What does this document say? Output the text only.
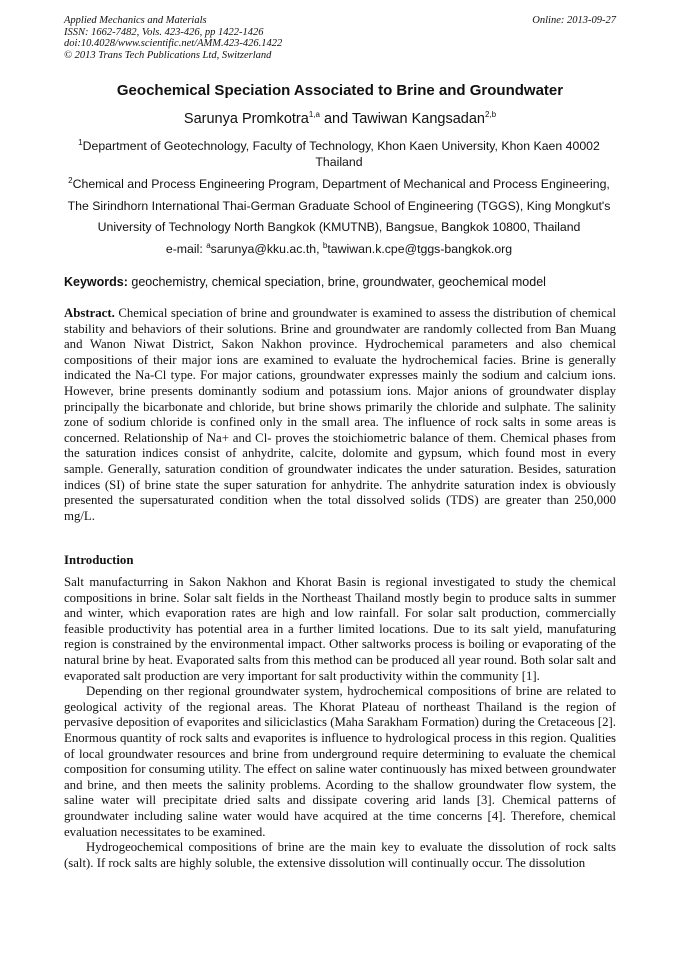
Applied Mechanics and Materials
ISSN: 1662-7482, Vols. 423-426, pp 1422-1426
doi:10.4028/www.scientific.net/AMM.423-426.1422
© 2013 Trans Tech Publications Ltd, Switzerland
Online: 2013-09-27
Geochemical Speciation Associated to Brine and Groundwater
Sarunya Promkotra$^{1,a}$ and Tawiwan Kangsadan$^{2,b}$
$^1$Department of Geotechnology, Faculty of Technology, Khon Kaen University, Khon Kaen 40002
Thailand
$^2$Chemical and Process Engineering Program, Department of Mechanical and Process Engineering,
The Sirindhorn International Thai-German Graduate School of Engineering (TGGS), King Mongkut's
University of Technology North Bangkok (KMUTNB), Bangsue, Bangkok 10800, Thailand
e-mail: $^a$sarunya@kku.ac.th, $^b$tawiwan.k.cpe@tggs-bangkok.org
Keywords: geochemistry, chemical speciation, brine, groundwater, geochemical model
Abstract. Chemical speciation of brine and groundwater is examined to assess the distribution of chemical stability and behaviors of their solutions. Brine and groundwater are randomly collected from Ban Muang and Wanon Niwat District, Sakon Nakhon province. Hydrochemical parameters and also chemical compositions of their major ions are examined to evaluate the hydrochemical facies. Brine is generally indicated the Na-Cl type. For major cations, groundwater expresses mainly the sodium and calcium ions. However, brine presents dominantly sodium and potassium ions. Major anions of groundwater display principally the bicarbonate and chloride, but brine shows primarily the chloride and sulphate. The salinity zone of sodium chloride is confined only in the small area. The influence of rock salts in some areas is concerned. Relationship of Na+ and Cl- proves the stoichiometric balance of them. Chemical phases from the saturation indices consist of anhydrite, calcite, dolomite and gypsum, which found most in every sample. Generally, saturation condition of groundwater indicates the under saturation. Besides, saturation indices (SI) of brine state the super saturation for anhydrite. The anhydrite saturation index is obviously presented the supersaturated condition when the total dissolved solids (TDS) are greater than 250,000 mg/L.
Introduction

Salt manufacturring in Sakon Nakhon and Khorat Basin is regional investigated to study the chemical compositions in brine. Solar salt fields in the Northeast Thailand mostly begin to produce salts in summer and winter, which evaporation rates are high and low rainfall. For solar salt production, commercially feasible productivity has potential area in a further limited locations. Due to its salt yield, manufaturing region is constrained by the environmental impact. Other saltworks process is boiling or evaporating of the natural brine by heat. Evaporated salts from this method can be produced all year round. Both solar salt and evaporated salt production are very important for salt productivity within the community [1].

Depending on ther regional groundwater system, hydrochemical compositions of brine are related to geological activity of the regional areas. The Khorat Plateau of northeast Thailand is the region of pervasive deposition of evaporites and siliciclastics (Maha Sarakham Formation) during the Cretaceous [2]. Enormous quantity of rock salts and evaporites is influence to hydrological process in this region. Qualities of local groundwater resources and brine from underground require determining to evaluate the chemical composition for consuming utility. The effect on saline water continuously has mixed between groundwater and brine, and then meets the salinity problems. Acording to the shallow groundwater flow system, the saline water will precipitate dried salts and dissipate covering arid lands [3]. Chemical patterns of groundwater including saline water would have acquired at the time concerns [4]. Therefore, chemical evaluation necessitates to be examined.

Hydrogeochemical compositions of brine are the main key to evaluate the dissolution of rock salts (salt). If rock salts are highly soluble, the extensive dissolution will continually occur. The dissolution
